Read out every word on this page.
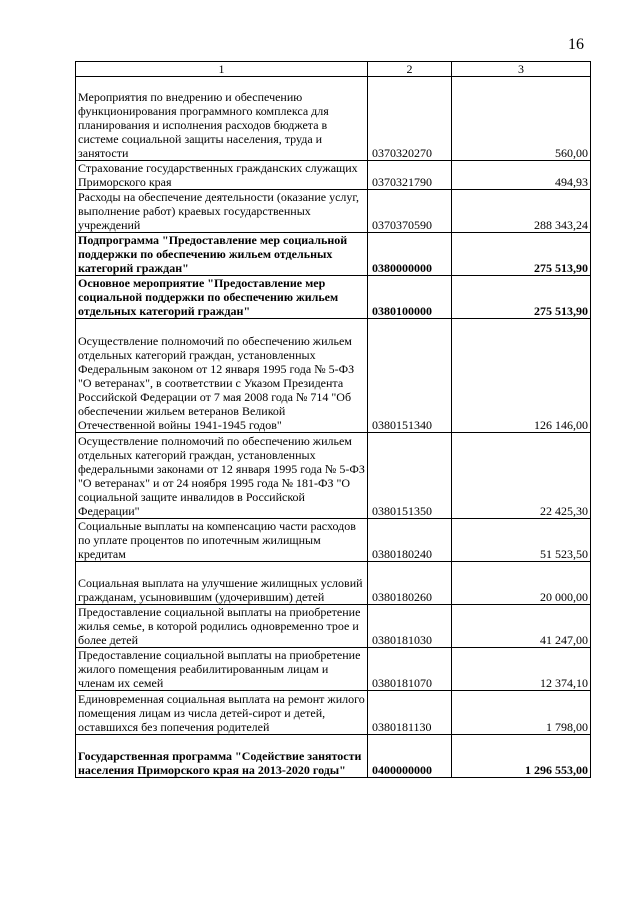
16
1	2	3
Мероприятия по внедрению и обеспечению функционирования программного комплекса для планирования и исполнения расходов бюджета в системе социальной защиты населения, труда и занятости	0370320270	560,00
Страхование государственных гражданских служащих Приморского края	0370321790	494,93
Расходы на обеспечение деятельности (оказание услуг, выполнение работ) краевых государственных учреждений	0370370590	288 343,24
Подпрограмма "Предоставление мер социальной поддержки по обеспечению жильем отдельных категорий граждан"	0380000000	275 513,90
Основное мероприятие "Предоставление мер социальной поддержки по обеспечению жильем отдельных категорий граждан"	0380100000	275 513,90
Осуществление полномочий по обеспечению жильем отдельных категорий граждан, установленных Федеральным законом от 12 января 1995 года № 5-ФЗ "О ветеранах", в соответствии с Указом Президента Российской Федерации от 7 мая 2008 года № 714 "Об обеспечении жильем ветеранов Великой Отечественной войны 1941-1945 годов"	0380151340	126 146,00
Осуществление полномочий по обеспечению жильем отдельных категорий граждан, установленных федеральными законами от 12 января 1995 года № 5-ФЗ "О ветеранах" и от 24 ноября 1995 года № 181-ФЗ "О социальной защите инвалидов в Российской Федерации"	0380151350	22 425,30
Социальные выплаты на компенсацию части расходов по уплате процентов по ипотечным жилищным кредитам	0380180240	51 523,50
Социальная выплата на улучшение жилищных условий гражданам, усыновившим (удочерившим) детей	0380180260	20 000,00
Предоставление социальной выплаты на приобретение жилья семье, в которой родились одновременно трое и более детей	0380181030	41 247,00
Предоставление социальной выплаты на приобретение жилого помещения реабилитированным лицам и членам их семей	0380181070	12 374,10
Единовременная социальная выплата на ремонт жилого помещения лицам из числа детей-сирот и детей, оставшихся без попечения родителей	0380181130	1 798,00
Государственная программа "Содействие занятости населения Приморского края на 2013-2020 годы"	0400000000	1 296 553,00
